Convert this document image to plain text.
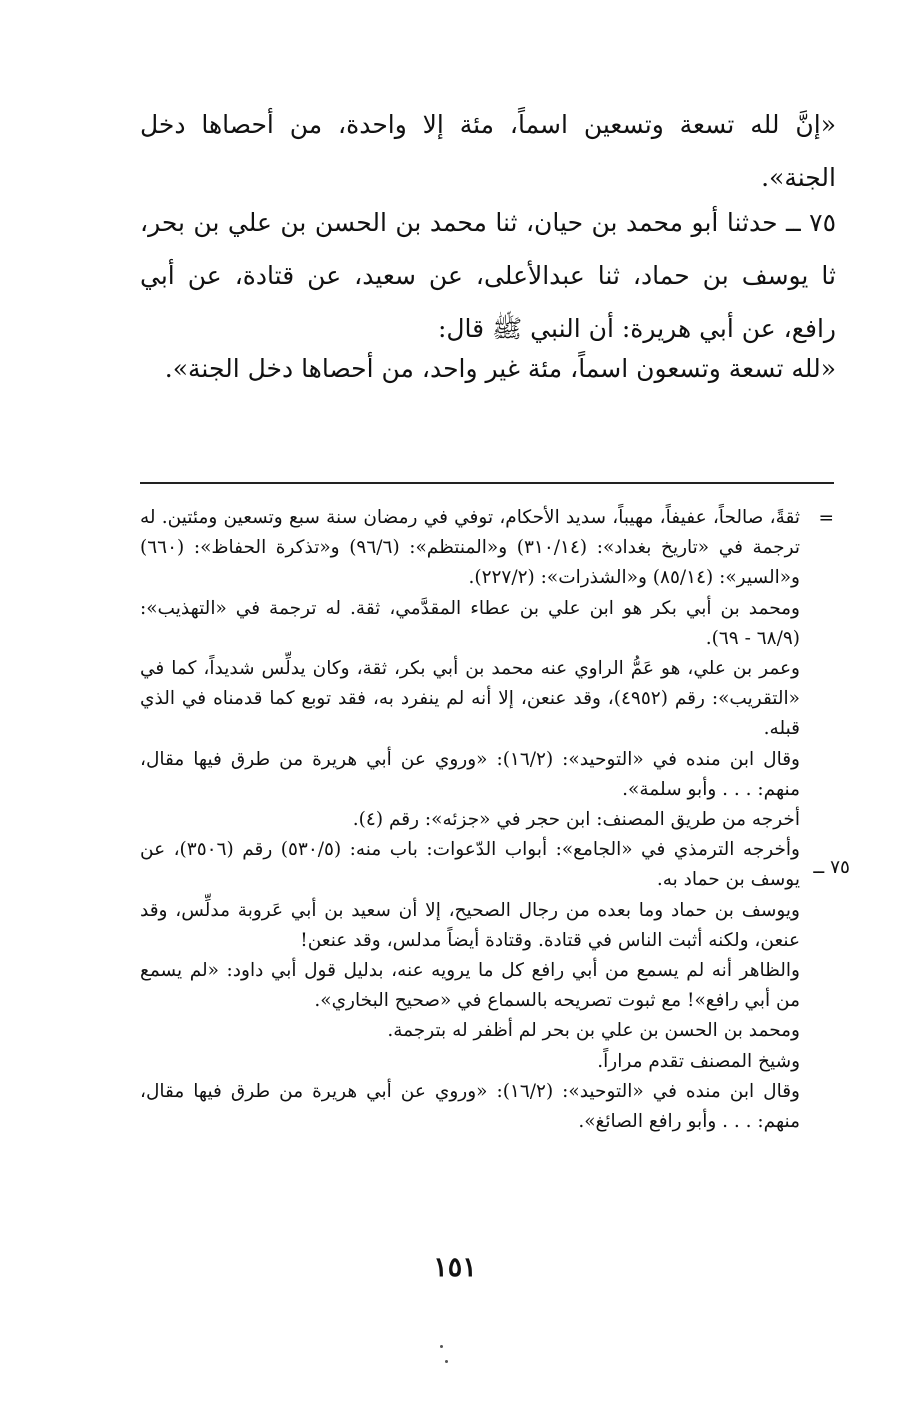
«إنَّ لله تسعة وتسعين اسماً، مئة إلا واحدة، من أحصاها دخل الجنة».

٧٥ ــ حدثنا أبو محمد بن حيان، ثنا محمد بن الحسن بن علي بن بحر، ثا يوسف بن حماد، ثنا عبدالأعلى، عن سعيد، عن قتادة، عن أبي رافع، عن أبي هريرة: أن النبي ﷺ قال:

«لله تسعة وتسعون اسماً، مئة غير واحد، من أحصاها دخل الجنة».

=
٧٥ ــ

ثقةً، صالحاً، عفيفاً، مهيباً، سديد الأحكام، توفي في رمضان سنة سبع وتسعين ومئتين. له ترجمة في «تاريخ بغداد»: (٣١٠/١٤) و«المنتظم»: (٩٦/٦) و«تذكرة الحفاظ»: (٦٦٠) و«السير»: (٨٥/١٤) و«الشذرات»: (٢٢٧/٢).

ومحمد بن أبي بكر هو ابن علي بن عطاء المقدَّمي، ثقة. له ترجمة في «التهذيب»: (٦٨/٩ - ٦٩).

وعمر بن علي، هو عَمُّ الراوي عنه محمد بن أبي بكر، ثقة، وكان يدلِّس شديداً، كما في «التقريب»: رقم (٤٩٥٢)، وقد عنعن، إلا أنه لم ينفرد به، فقد توبع كما قدمناه في الذي قبله.

وقال ابن منده في «التوحيد»: (١٦/٢): «وروي عن أبي هريرة من طرق فيها مقال، منهم: . . . وأبو سلمة».

أخرجه من طريق المصنف: ابن حجر في «جزئه»: رقم (٤).

وأخرجه الترمذي في «الجامع»: أبواب الدّعوات: باب منه: (٥٣٠/٥) رقم (٣٥٠٦)، عن يوسف بن حماد به.

ويوسف بن حماد وما بعده من رجال الصحيح، إلا أن سعيد بن أبي عَروبة مدلِّس، وقد عنعن، ولكنه أثبت الناس في قتادة. وقتادة أيضاً مدلس، وقد عنعن!

والظاهر أنه لم يسمع من أبي رافع كل ما يرويه عنه، بدليل قول أبي داود: «لم يسمع من أبي رافع»! مع ثبوت تصريحه بالسماع في «صحيح البخاري».

ومحمد بن الحسن بن علي بن بحر لم أظفر له بترجمة.

وشيخ المصنف تقدم مراراً.

وقال ابن منده في «التوحيد»: (١٦/٢): «وروي عن أبي هريرة من طرق فيها مقال، منهم: . . . وأبو رافع الصائغ».

١٥١
